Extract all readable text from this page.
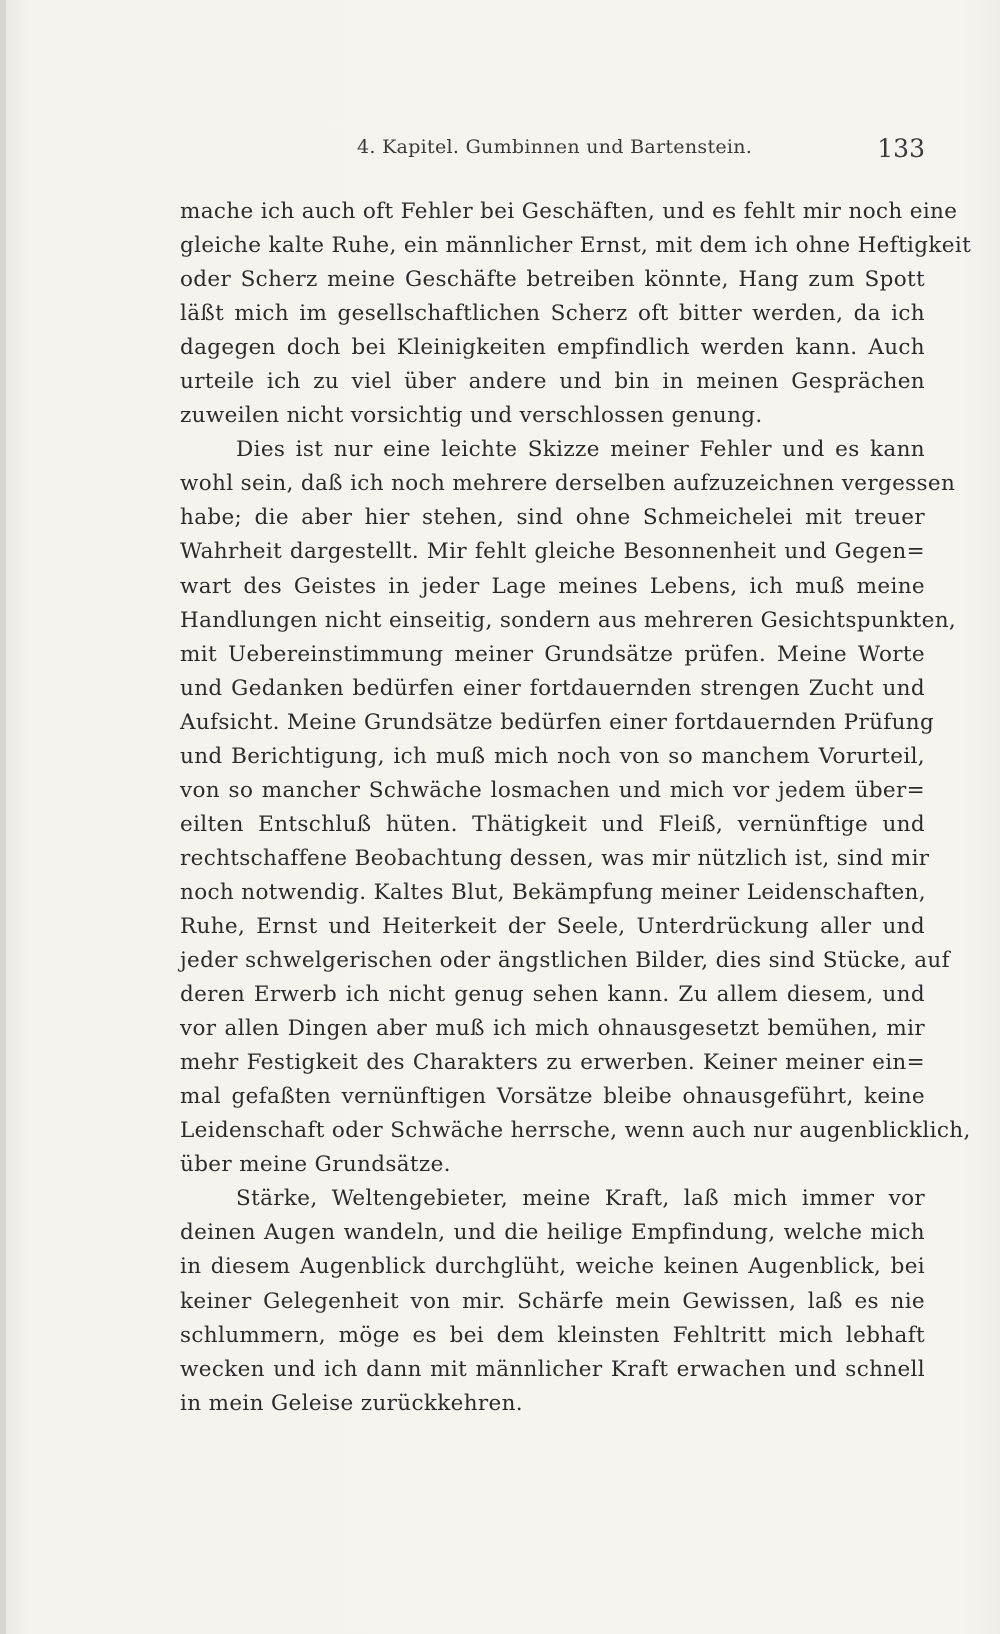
4. Kapitel. Gumbinnen und Bartenstein.	133
mache ich auch oft Fehler bei Geschäften, und es fehlt mir noch eine
gleiche kalte Ruhe, ein männlicher Ernst, mit dem ich ohne Heftigkeit
oder Scherz meine Geschäfte betreiben könnte, Hang zum Spott
läßt mich im gesellschaftlichen Scherz oft bitter werden, da ich
dagegen doch bei Kleinigkeiten empfindlich werden kann. Auch
urteile ich zu viel über andere und bin in meinen Gesprächen
zuweilen nicht vorsichtig und verschlossen genung.
Dies ist nur eine leichte Skizze meiner Fehler und es kann
wohl sein, daß ich noch mehrere derselben aufzuzeichnen vergessen
habe; die aber hier stehen, sind ohne Schmeichelei mit treuer
Wahrheit dargestellt. Mir fehlt gleiche Besonnenheit und Gegen=
wart des Geistes in jeder Lage meines Lebens, ich muß meine
Handlungen nicht einseitig, sondern aus mehreren Gesichtspunkten,
mit Uebereinstimmung meiner Grundsätze prüfen. Meine Worte
und Gedanken bedürfen einer fortdauernden strengen Zucht und
Aufsicht. Meine Grundsätze bedürfen einer fortdauernden Prüfung
und Berichtigung, ich muß mich noch von so manchem Vorurteil,
von so mancher Schwäche losmachen und mich vor jedem über=
eilten Entschluß hüten. Thätigkeit und Fleiß, vernünftige und
rechtschaffene Beobachtung dessen, was mir nützlich ist, sind mir
noch notwendig. Kaltes Blut, Bekämpfung meiner Leidenschaften,
Ruhe, Ernst und Heiterkeit der Seele, Unterdrückung aller und
jeder schwelgerischen oder ängstlichen Bilder, dies sind Stücke, auf
deren Erwerb ich nicht genug sehen kann. Zu allem diesem, und
vor allen Dingen aber muß ich mich ohnausgesetzt bemühen, mir
mehr Festigkeit des Charakters zu erwerben. Keiner meiner ein=
mal gefaßten vernünftigen Vorsätze bleibe ohnausgeführt, keine
Leidenschaft oder Schwäche herrsche, wenn auch nur augenblicklich,
über meine Grundsätze.
Stärke, Weltengebieter, meine Kraft, laß mich immer vor
deinen Augen wandeln, und die heilige Empfindung, welche mich
in diesem Augenblick durchglüht, weiche keinen Augenblick, bei
keiner Gelegenheit von mir. Schärfe mein Gewissen, laß es nie
schlummern, möge es bei dem kleinsten Fehltritt mich lebhaft
wecken und ich dann mit männlicher Kraft erwachen und schnell
in mein Geleise zurückkehren.
